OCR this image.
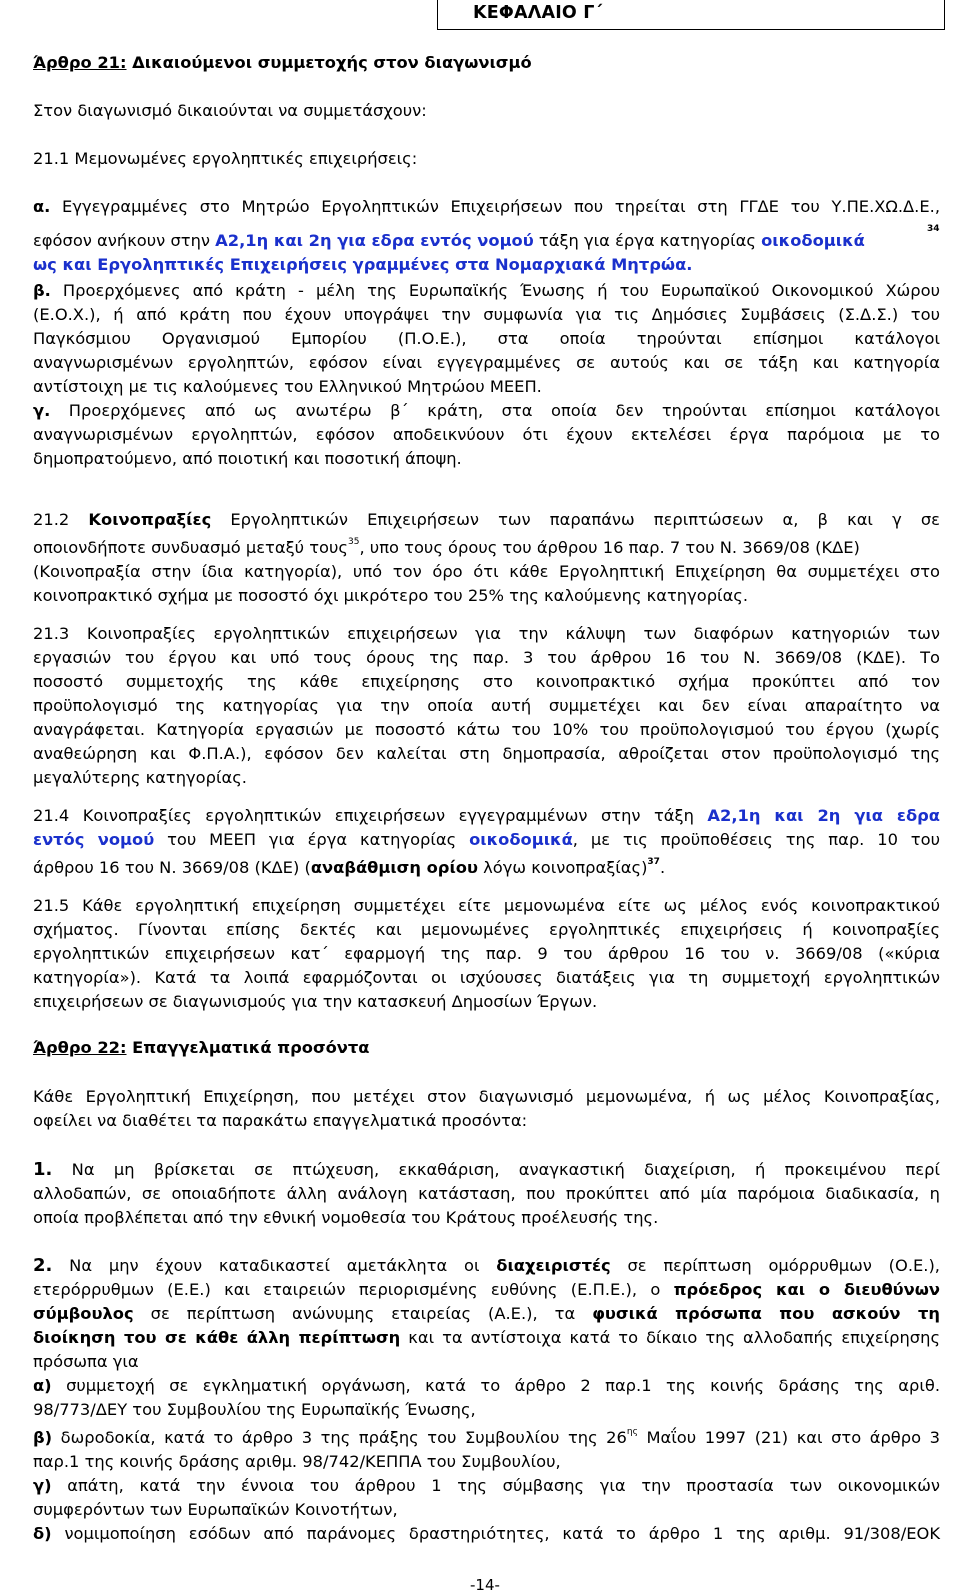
ΚΕΦΑΛΑΙΟ Γ΄
Άρθρο 21: Δικαιούμενοι συμμετοχής στον διαγωνισμό
Στον διαγωνισμό δικαιούνται να συμμετάσχουν:
21.1 Μεμονωμένες εργοληπτικές επιχειρήσεις:
α. Εγγεγραμμένες στο Μητρώο Εργοληπτικών Επιχειρήσεων που τηρείται στη ΓΓΔΕ του Υ.ΠΕ.ΧΩ.Δ.Ε.,
εφόσον ανήκουν στην Α2,1η και 2η για εδρα εντός νομού τάξη για έργα κατηγορίας οικοδομικά
34
ως και Εργοληπτικές Επιχειρήσεις γραμμένες στα Νομαρχιακά Μητρώα.
β. Προερχόμενες από κράτη - μέλη της Ευρωπαϊκής Ένωσης ή του Ευρωπαϊκού Οικονομικού Χώρου
(Ε.Ο.Χ.), ή από κράτη που έχουν υπογράψει την συμφωνία για τις Δημόσιες Συμβάσεις (Σ.Δ.Σ.) του
Παγκόσμιου Οργανισμού Εμπορίου (Π.Ο.Ε.), στα οποία τηρούνται επίσημοι κατάλογοι
αναγνωρισμένων εργοληπτών, εφόσον είναι εγγεγραμμένες σε αυτούς και σε τάξη και κατηγορία
αντίστοιχη με τις καλούμενες του Ελληνικού Μητρώου ΜΕΕΠ.
γ. Προερχόμενες από ως ανωτέρω β΄ κράτη, στα οποία δεν τηρούνται επίσημοι κατάλογοι
αναγνωρισμένων εργοληπτών, εφόσον αποδεικνύουν ότι έχουν εκτελέσει έργα παρόμοια με το
δημοπρατούμενο, από ποιοτική και ποσοτική άποψη.
21.2 Κοινοπραξίες Εργοληπτικών Επιχειρήσεων των παραπάνω περιπτώσεων α, β και γ σε
οποιονδήποτε συνδυασμό μεταξύ τους$^{35}$, υπο τους όρους του άρθρου 16 παρ. 7 του Ν. 3669/08 (ΚΔΕ)
(Κοινοπραξία στην ίδια κατηγορία), υπό τον όρο ότι κάθε Εργοληπτική Επιχείρηση θα συμμετέχει στο
κοινοπρακτικό σχήμα με ποσοστό όχι μικρότερο του 25% της καλούμενης κατηγορίας.
21.3 Κοινοπραξίες εργοληπτικών επιχειρήσεων για την κάλυψη των διαφόρων κατηγοριών των
εργασιών του έργου και υπό τους όρους της παρ. 3 του άρθρου 16 του Ν. 3669/08 (ΚΔΕ). Το
ποσοστό συμμετοχής της κάθε επιχείρησης στο κοινοπρακτικό σχήμα προκύπτει από τον
προϋπολογισμό της κατηγορίας για την οποία αυτή συμμετέχει και δεν είναι απαραίτητο να
αναγράφεται. Κατηγορία εργασιών με ποσοστό κάτω του 10% του προϋπολογισμού του έργου (χωρίς
αναθεώρηση και Φ.Π.Α.), εφόσον δεν καλείται στη δημοπρασία, αθροίζεται στον προϋπολογισμό της
μεγαλύτερης κατηγορίας.
21.4 Κοινοπραξίες εργοληπτικών επιχειρήσεων εγγεγραμμένων στην τάξη Α2,1η και 2η για εδρα
εντός νομού του ΜΕΕΠ για έργα κατηγορίας οικοδομικά, με τις προϋποθέσεις της παρ. 10 του
άρθρου 16 του Ν. 3669/08 (ΚΔΕ) (αναβάθμιση ορίου λόγω κοινοπραξίας)$^{37}$.
21.5 Κάθε εργοληπτική επιχείρηση συμμετέχει είτε μεμονωμένα είτε ως μέλος ενός κοινοπρακτικού
σχήματος. Γίνονται επίσης δεκτές και μεμονωμένες εργοληπτικές επιχειρήσεις ή κοινοπραξίες
εργοληπτικών επιχειρήσεων κατ΄ εφαρμογή της παρ. 9 του άρθρου 16 του ν. 3669/08 («κύρια
κατηγορία»). Κατά τα λοιπά εφαρμόζονται οι ισχύουσες διατάξεις για τη συμμετοχή εργοληπτικών
επιχειρήσεων σε διαγωνισμούς για την κατασκευή Δημοσίων Έργων.
Άρθρο 22: Επαγγελματικά προσόντα
Κάθε Εργοληπτική Επιχείρηση, που μετέχει στον διαγωνισμό μεμονωμένα, ή ως μέλος Κοινοπραξίας,
οφείλει να διαθέτει τα παρακάτω επαγγελματικά προσόντα:
1. Να μη βρίσκεται σε πτώχευση, εκκαθάριση, αναγκαστική διαχείριση, ή προκειμένου περί
αλλοδαπών, σε οποιαδήποτε άλλη ανάλογη κατάσταση, που προκύπτει από μία παρόμοια διαδικασία, η
οποία προβλέπεται από την εθνική νομοθεσία του Κράτους προέλευσής της.
2. Να μην έχουν καταδικαστεί αμετάκλητα οι διαχειριστές σε περίπτωση ομόρρυθμων (Ο.Ε.),
ετερόρρυθμων (Ε.Ε.) και εταιρειών περιορισμένης ευθύνης (Ε.Π.Ε.), ο πρόεδρος και ο διευθύνων
σύμβουλος σε περίπτωση ανώνυμης εταιρείας (Α.Ε.), τα φυσικά πρόσωπα που ασκούν τη
διοίκηση του σε κάθε άλλη περίπτωση και τα αντίστοιχα κατά το δίκαιο της αλλοδαπής επιχείρησης
πρόσωπα για
α) συμμετοχή σε εγκληματική οργάνωση, κατά το άρθρο 2 παρ.1 της κοινής δράσης της αριθ.
98/773/ΔΕΥ του Συμβουλίου της Ευρωπαϊκής Ένωσης,
β) δωροδοκία, κατά το άρθρο 3 της πράξης του Συμβουλίου της $26^{\eta\varsigma}$ Μαΐου 1997 (21) και στο άρθρο 3
παρ.1 της κοινής δράσης αριθμ. 98/742/ΚΕΠΠΑ του Συμβουλίου,
γ) απάτη, κατά την έννοια του άρθρου 1 της σύμβασης για την προστασία των οικονομικών
συμφερόντων των Ευρωπαϊκών Κοινοτήτων,
δ) νομιμοποίηση εσόδων από παράνομες δραστηριότητες, κατά το άρθρο 1 της αριθμ. 91/308/ΕΟΚ
-14-
